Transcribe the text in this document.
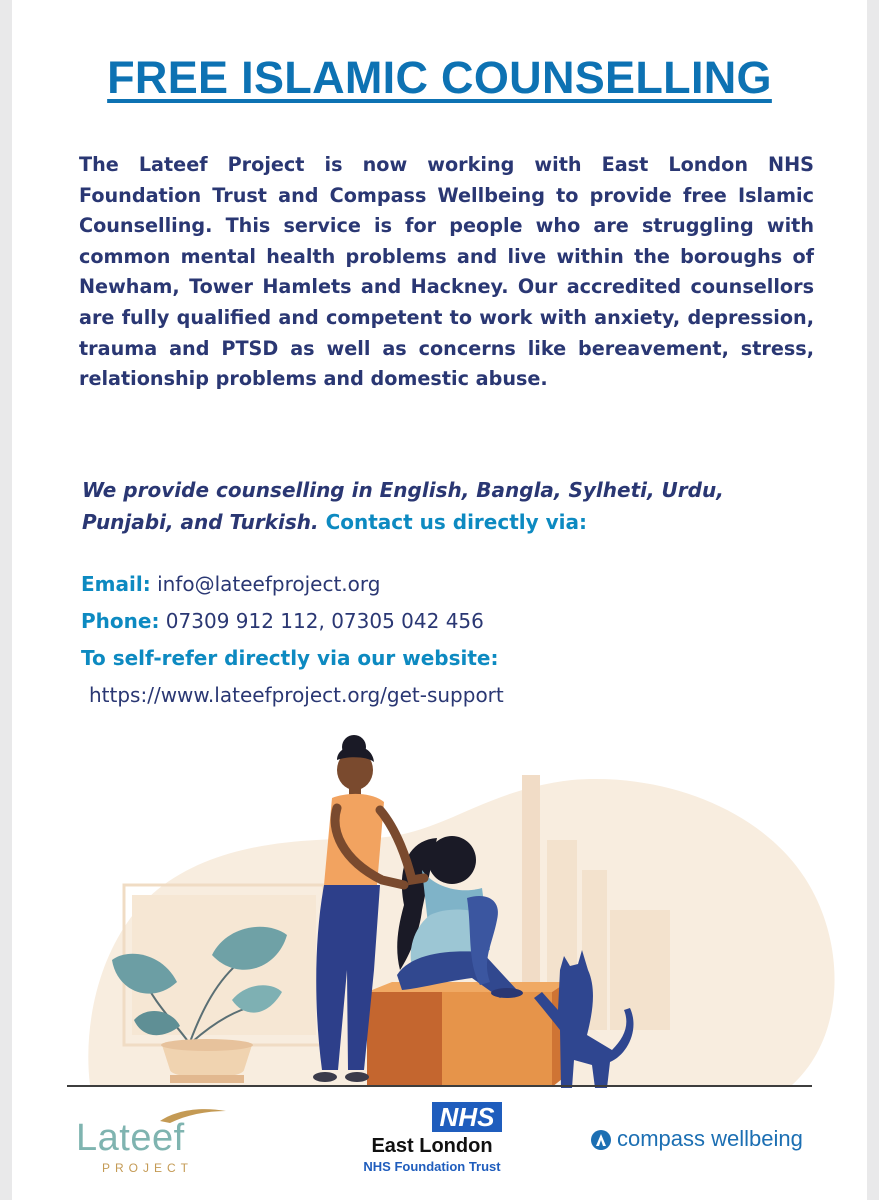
FREE ISLAMIC COUNSELLING

The Lateef Project is now working with East London NHS Foundation Trust and Compass Wellbeing to provide free Islamic Counselling. This service is for people who are struggling with common mental health problems and live within the boroughs of Newham, Tower Hamlets and Hackney. Our accredited counsellors are fully qualified and competent to work with anxiety, depression, trauma and PTSD as well as concerns like bereavement, stress, relationship problems and domestic abuse.

We provide counselling in English, Bangla, Sylheti, Urdu, Punjabi, and Turkish. Contact us directly via:

Email: info@lateefproject.org
Phone: 07309 912 112, 07305 042 456
To self-refer directly via our website:
https://www.lateefproject.org/get-support

Lateef

PROJECT

NHS

East London

NHS Foundation Trust

compass wellbeing
